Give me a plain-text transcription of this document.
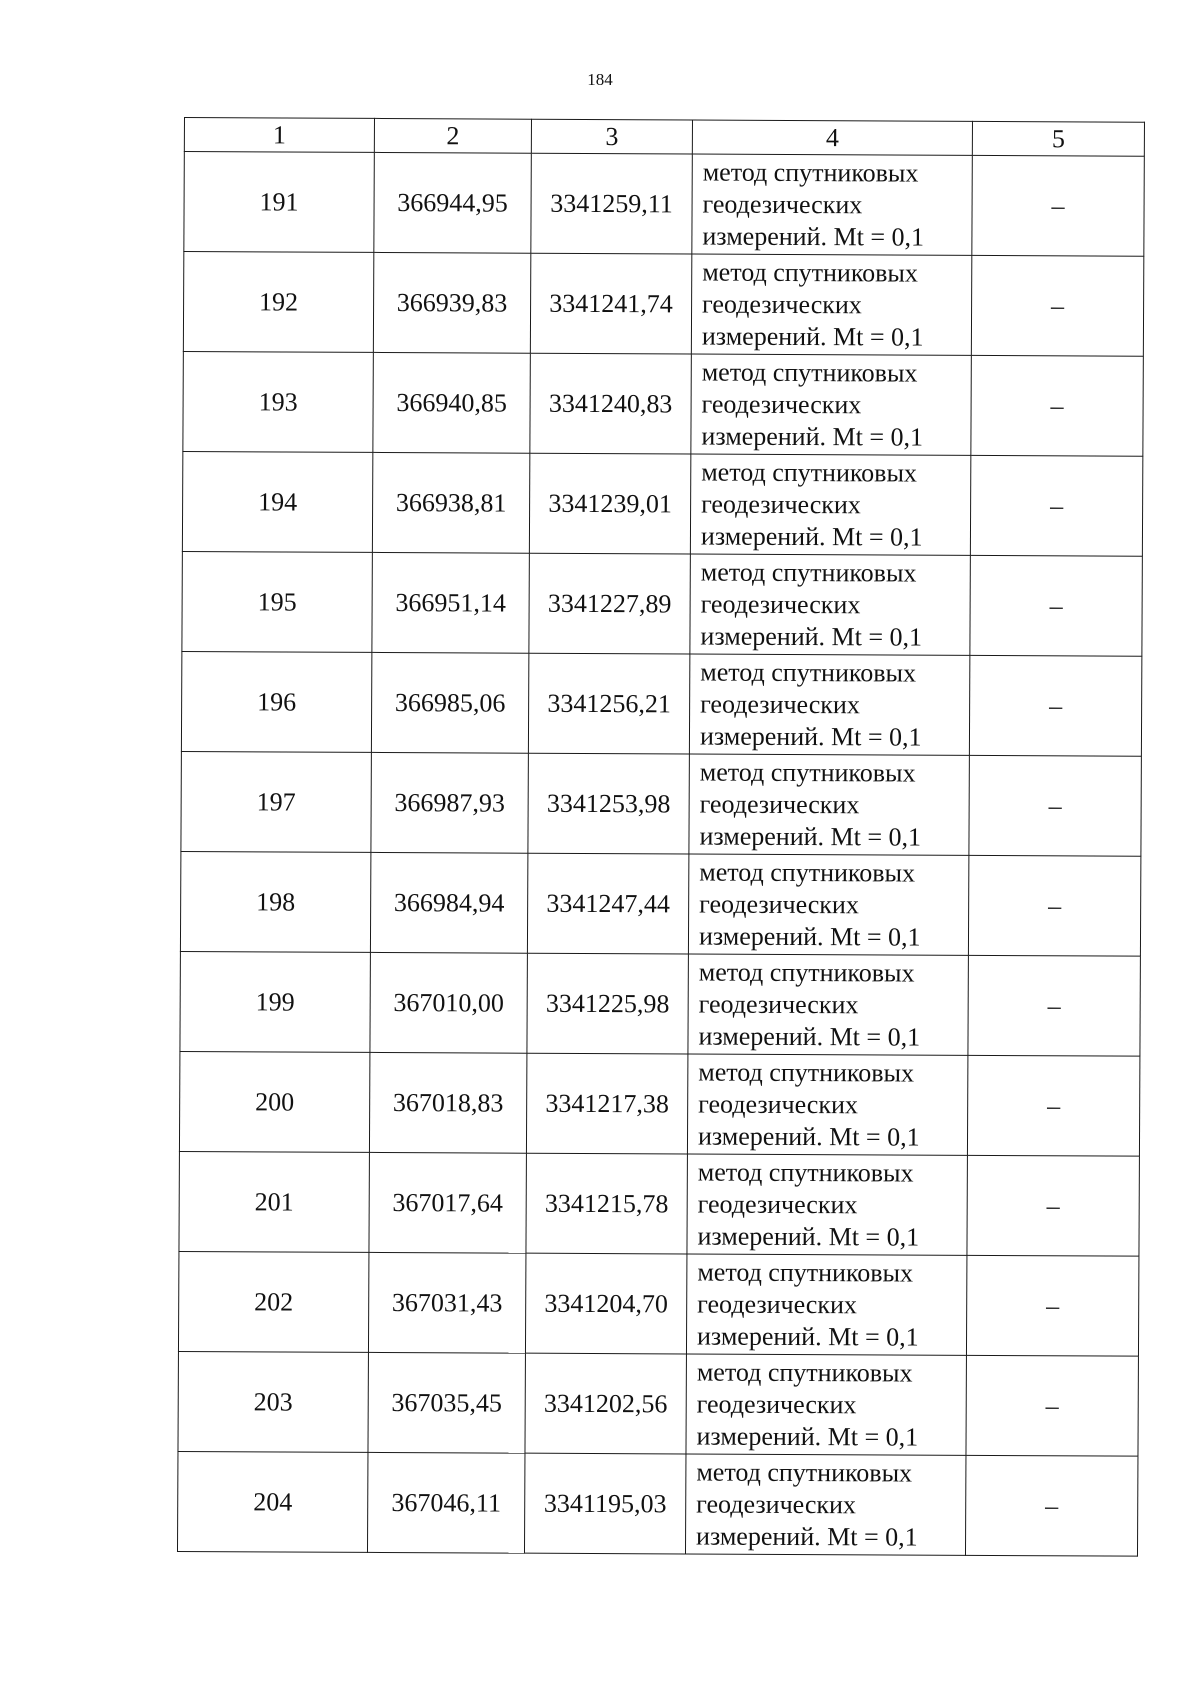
184
1	2	3	4	5
191	366944,95	3341259,11	метод спутниковых
геодезических
измерений. Mt = 0,1	–
192	366939,83	3341241,74	метод спутниковых
геодезических
измерений. Mt = 0,1	–
193	366940,85	3341240,83	метод спутниковых
геодезических
измерений. Mt = 0,1	–
194	366938,81	3341239,01	метод спутниковых
геодезических
измерений. Mt = 0,1	–
195	366951,14	3341227,89	метод спутниковых
геодезических
измерений. Mt = 0,1	–
196	366985,06	3341256,21	метод спутниковых
геодезических
измерений. Mt = 0,1	–
197	366987,93	3341253,98	метод спутниковых
геодезических
измерений. Mt = 0,1	–
198	366984,94	3341247,44	метод спутниковых
геодезических
измерений. Mt = 0,1	–
199	367010,00	3341225,98	метод спутниковых
геодезических
измерений. Mt = 0,1	–
200	367018,83	3341217,38	метод спутниковых
геодезических
измерений. Mt = 0,1	–
201	367017,64	3341215,78	метод спутниковых
геодезических
измерений. Mt = 0,1	–
202	367031,43	3341204,70	метод спутниковых
геодезических
измерений. Mt = 0,1	–
203	367035,45	3341202,56	метод спутниковых
геодезических
измерений. Mt = 0,1	–
204	367046,11	3341195,03	метод спутниковых
геодезических
измерений. Mt = 0,1	–
